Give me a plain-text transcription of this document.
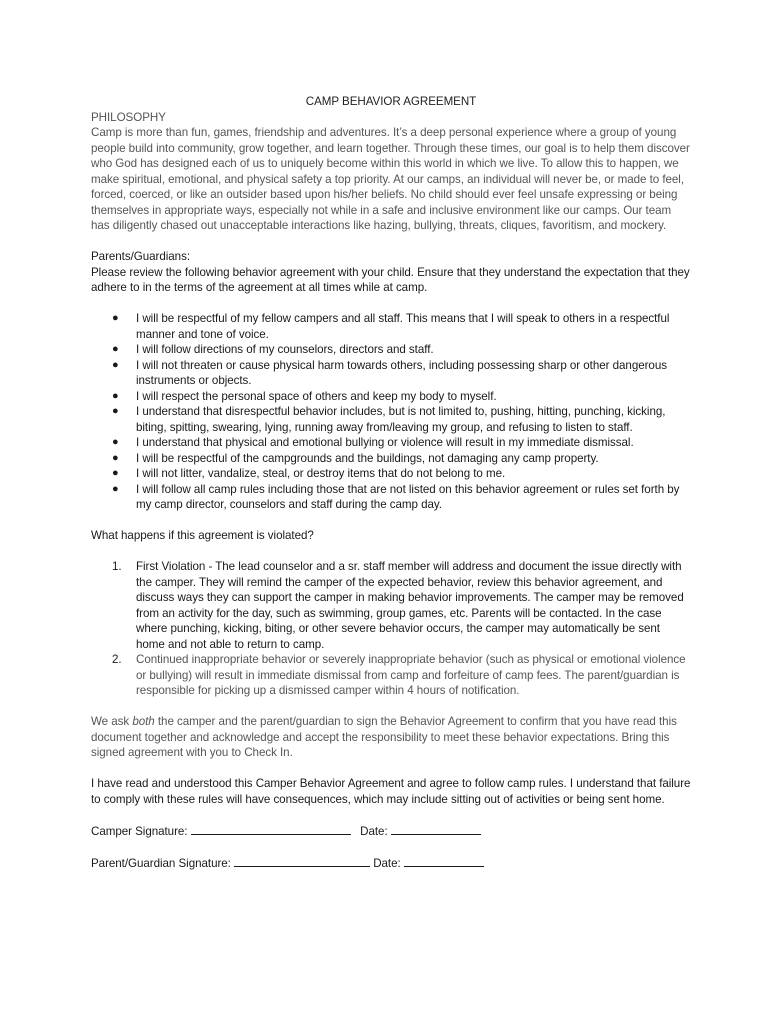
CAMP BEHAVIOR AGREEMENT

PHILOSOPHY

Camp is more than fun, games, friendship and adventures. It’s a deep personal experience where a group of young people build into community, grow together, and learn together. Through these times, our goal is to help them discover who God has designed each of us to uniquely become within this world in which we live. To allow this to happen, we make spiritual, emotional, and physical safety a top priority. At our camps, an individual will never be, or made to feel, forced, coerced, or like an outsider based upon his/her beliefs. No child should ever feel unsafe expressing or being themselves in appropriate ways, especially not while in a safe and inclusive environment like our camps. Our team has diligently chased out unacceptable interactions like hazing, bullying, threats, cliques, favoritism, and mockery.

Parents/Guardians:

Please review the following behavior agreement with your child. Ensure that they understand the expectation that they adhere to in the terms of the agreement at all times while at camp.

● I will be respectful of my fellow campers and all staff. This means that I will speak to others in a respectful manner and tone of voice.
● I will follow directions of my counselors, directors and staff.
● I will not threaten or cause physical harm towards others, including possessing sharp or other dangerous instruments or objects.
● I will respect the personal space of others and keep my body to myself.
● I understand that disrespectful behavior includes, but is not limited to, pushing, hitting, punching, kicking, biting, spitting, swearing, lying, running away from/leaving my group, and refusing to listen to staff.
● I understand that physical and emotional bullying or violence will result in my immediate dismissal.
● I will be respectful of the campgrounds and the buildings, not damaging any camp property.
● I will not litter, vandalize, steal, or destroy items that do not belong to me.
● I will follow all camp rules including those that are not listed on this behavior agreement or rules set forth by my camp director, counselors and staff during the camp day.

What happens if this agreement is violated?

1. First Violation - The lead counselor and a sr. staff member will address and document the issue directly with the camper. They will remind the camper of the expected behavior, review this behavior agreement, and discuss ways they can support the camper in making behavior improvements. The camper may be removed from an activity for the day, such as swimming, group games, etc. Parents will be contacted. In the case where punching, kicking, biting, or other severe behavior occurs, the camper may automatically be sent home and not able to return to camp.
2. Continued inappropriate behavior or severely inappropriate behavior (such as physical or emotional violence or bullying) will result in immediate dismissal from camp and forfeiture of camp fees. The parent/guardian is responsible for picking up a dismissed camper within 4 hours of notification.

We ask both the camper and the parent/guardian to sign the Behavior Agreement to confirm that you have read this document together and acknowledge and accept the responsibility to meet these behavior expectations. Bring this signed agreement with you to Check In.

I have read and understood this Camper Behavior Agreement and agree to follow camp rules. I understand that failure to comply with these rules will have consequences, which may include sitting out of activities or being sent home.

Camper Signature:	Date:

Parent/Guardian Signature:	Date:
